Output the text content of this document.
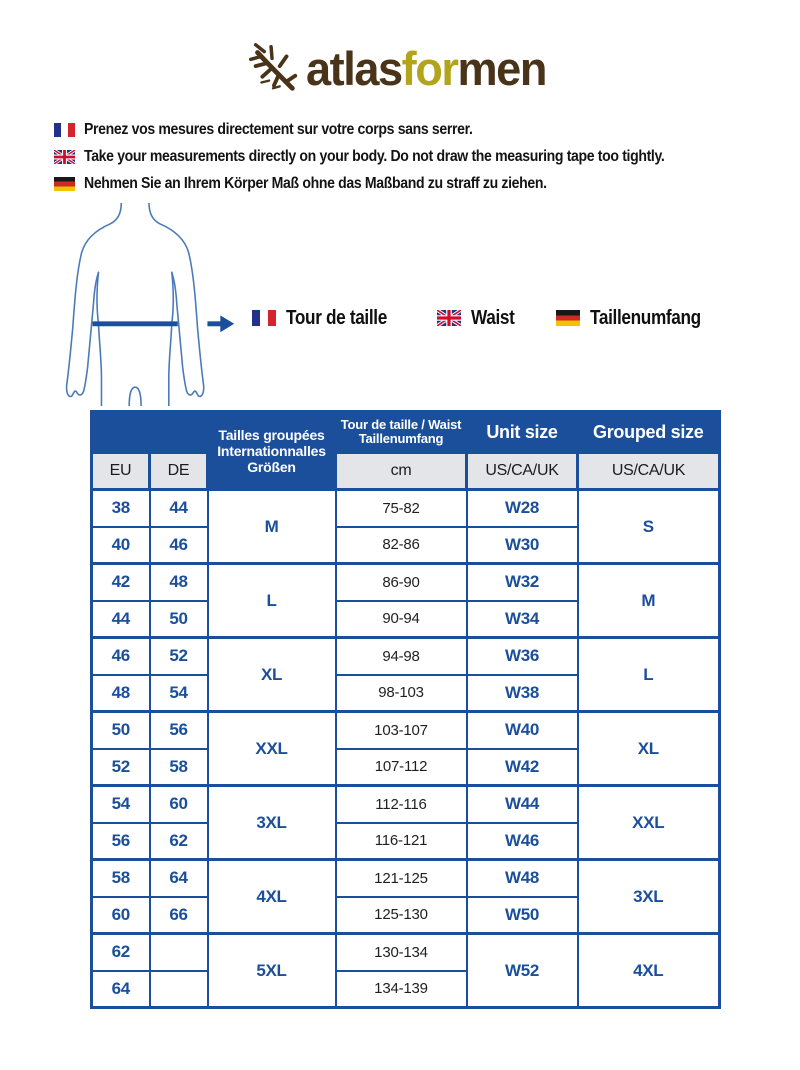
atlasformen
Prenez vos mesures directement sur votre corps sans serrer.
Take your measurements directly on your body. Do not draw the measuring tape too tightly.
Nehmen Sie an Ihrem Körper Maß ohne das Maßband zu straff zu ziehen.
Tour de taille	Waist	Taillenumfang

		Tailles groupées
Internationnalles
Größen	Tour de taille / Waist
Taillenumfang	Unit size	Grouped size
EU	DE		cm	US/CA/UK	US/CA/UK
38	44	M	75-82	W28	S
40	46		82-86	W30	
42	48	L	86-90	W32	M
44	50		90-94	W34	
46	52	XL	94-98	W36	L
48	54		98-103	W38	
50	56	XXL	103-107	W40	XL
52	58		107-112	W42	
54	60	3XL	112-116	W44	XXL
56	62		116-121	W46	
58	64	4XL	121-125	W48	3XL
60	66		125-130	W50	
62		5XL	130-134	W52	4XL
64			134-139		
